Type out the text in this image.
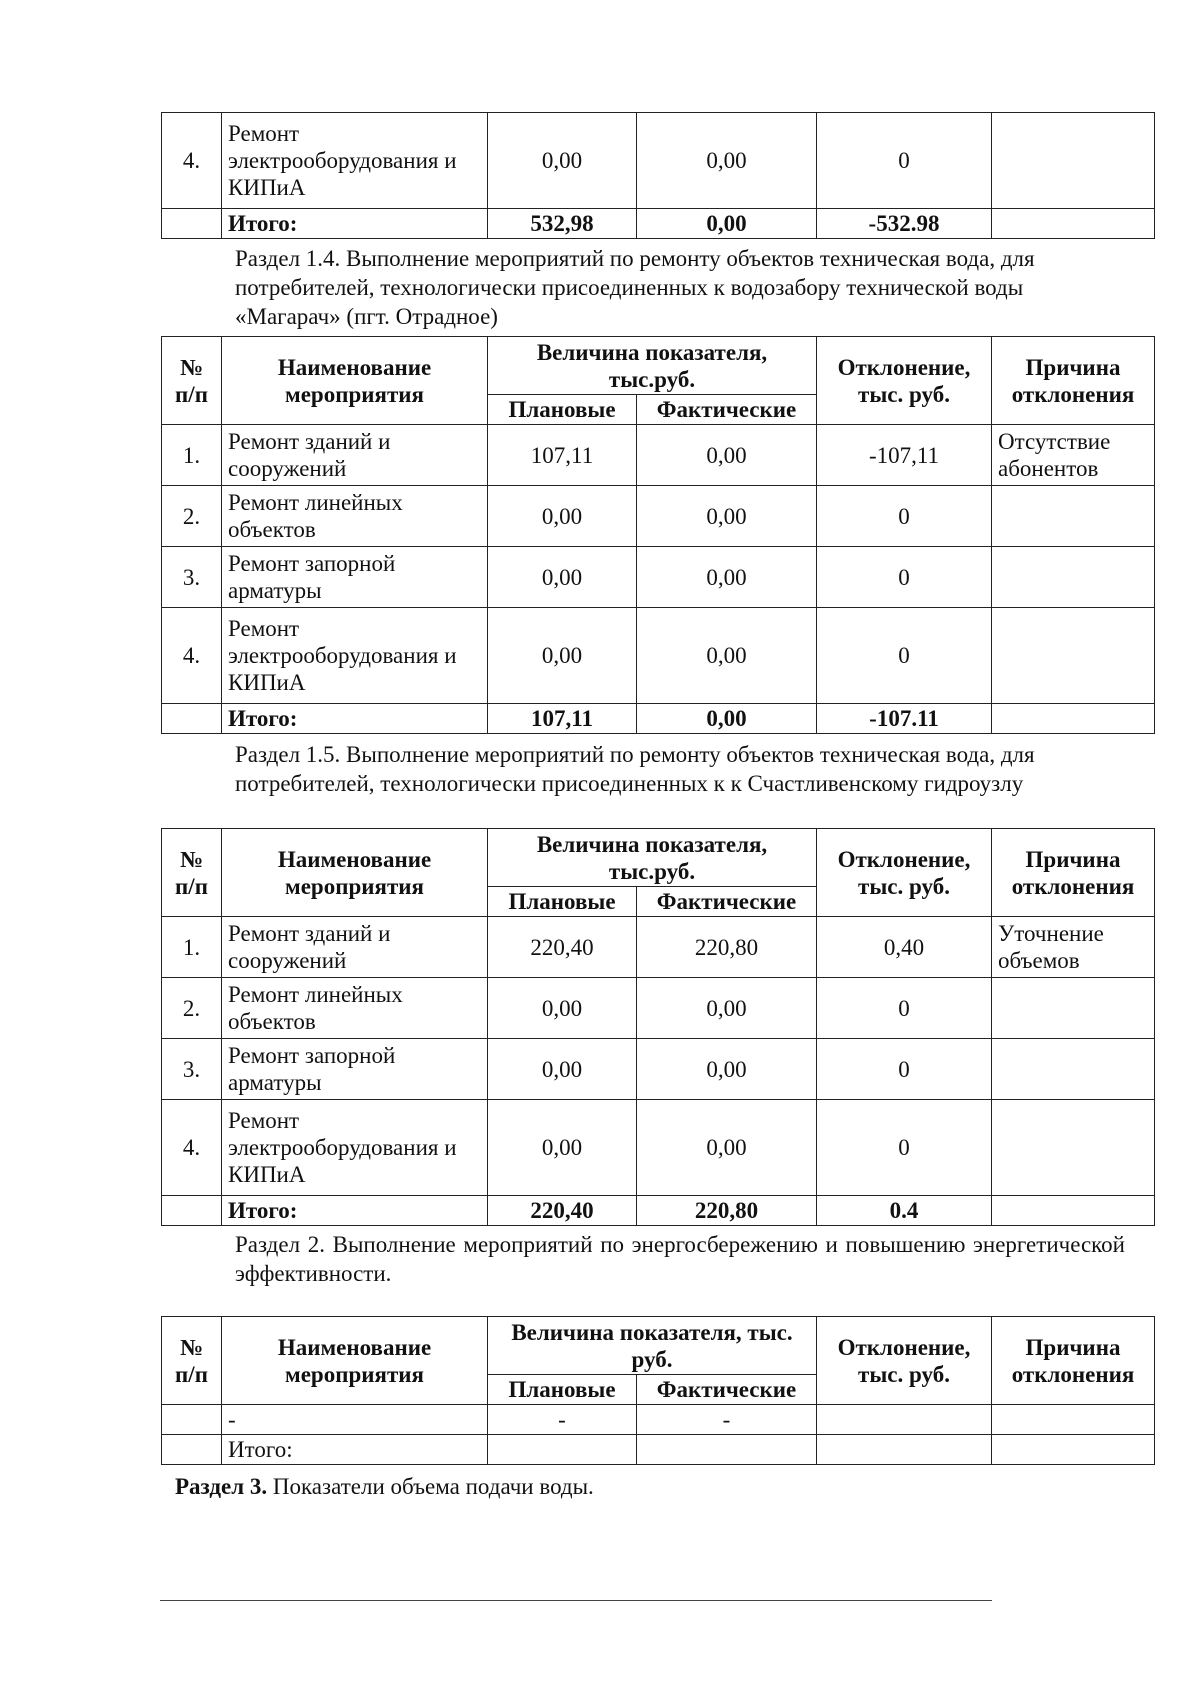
4.	Ремонт электрооборудования и КИПиА	0,00	0,00	0	
	Итого:	532,98	0,00	-532.98	

Раздел 1.4. Выполнение мероприятий по ремонту объектов техническая вода, для потребителей, технологически присоединенных к водозабору технической воды «Магарач» (пгт. Отрадное)

№ п/п	Наименование мероприятия	Величина показателя, тыс.руб.		Отклонение, тыс. руб.	Причина отклонения
		Плановые	Фактические		
1.	Ремонт зданий и сооружений	107,11	0,00	-107,11	Отсутствие абонентов
2.	Ремонт линейных объектов	0,00	0,00	0	
3.	Ремонт запорной арматуры	0,00	0,00	0	
4.	Ремонт электрооборудования и КИПиА	0,00	0,00	0	
	Итого:	107,11	0,00	-107.11	

Раздел 1.5. Выполнение мероприятий по ремонту объектов техническая вода, для потребителей, технологически присоединенных к к Счастливенскому гидроузлу

№ п/п	Наименование мероприятия	Величина показателя, тыс.руб.		Отклонение, тыс. руб.	Причина отклонения
		Плановые	Фактические		
1.	Ремонт зданий и сооружений	220,40	220,80	0,40	Уточнение объемов
2.	Ремонт линейных объектов	0,00	0,00	0	
3.	Ремонт запорной арматуры	0,00	0,00	0	
4.	Ремонт электрооборудования и КИПиА	0,00	0,00	0	
	Итого:	220,40	220,80	0.4	

Раздел 2. Выполнение мероприятий по энергосбережению и повышению энергетической эффективности.

№ п/п	Наименование мероприятия	Величина показателя, тыс. руб.		Отклонение, тыс. руб.	Причина отклонения
		Плановые	Фактические		
	-	-	-		
	Итого:				

Раздел 3. Показатели объема подачи воды.
